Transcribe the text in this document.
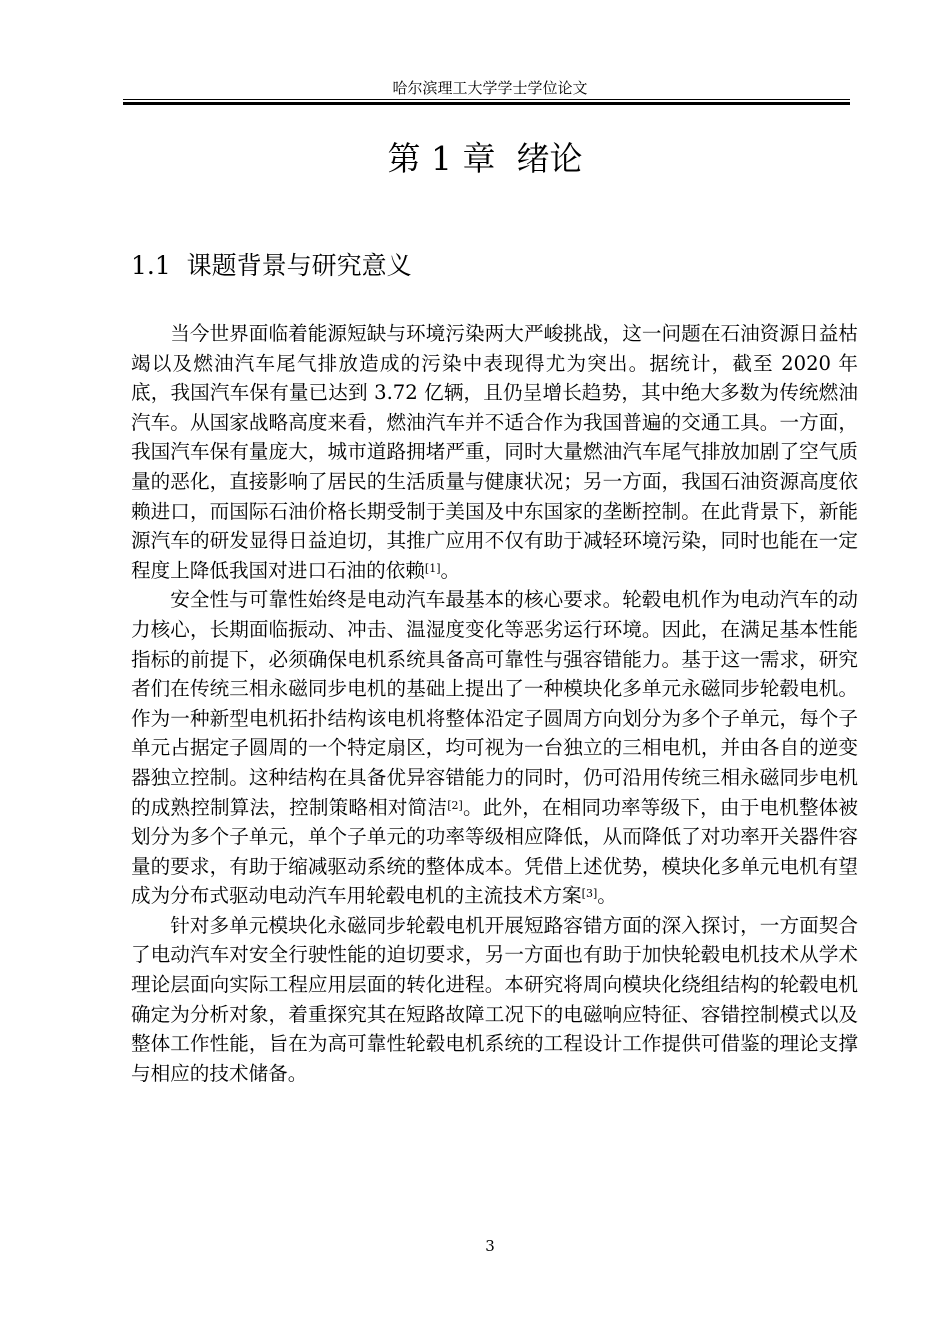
哈尔滨理工大学学士学位论文
第 1 章  绪论
1.1  课题背景与研究意义

当今世界面临着能源短缺与环境污染两大严峻挑战，这一问题在石油资源日益枯竭以及燃油汽车尾气排放造成的污染中表现得尤为突出。据统计，截至 2020 年底，我国汽车保有量已达到 3.72 亿辆，且仍呈增长趋势，其中绝大多数为传统燃油汽车。从国家战略高度来看，燃油汽车并不适合作为我国普遍的交通工具。一方面，我国汽车保有量庞大，城市道路拥堵严重，同时大量燃油汽车尾气排放加剧了空气质量的恶化，直接影响了居民的生活质量与健康状况；另一方面，我国石油资源高度依赖进口，而国际石油价格长期受制于美国及中东国家的垄断控制。在此背景下，新能源汽车的研发显得日益迫切，其推广应用不仅有助于减轻环境污染，同时也能在一定程度上降低我国对进口石油的依赖[1]。

安全性与可靠性始终是电动汽车最基本的核心要求。轮毂电机作为电动汽车的动力核心，长期面临振动、冲击、温湿度变化等恶劣运行环境。因此，在满足基本性能指标的前提下，必须确保电机系统具备高可靠性与强容错能力。基于这一需求，研究者们在传统三相永磁同步电机的基础上提出了一种模块化多单元永磁同步轮毂电机。作为一种新型电机拓扑结构该电机将整体沿定子圆周方向划分为多个子单元，每个子单元占据定子圆周的一个特定扇区，均可视为一台独立的三相电机，并由各自的逆变器独立控制。这种结构在具备优异容错能力的同时，仍可沿用传统三相永磁同步电机的成熟控制算法，控制策略相对简洁[2]。此外，在相同功率等级下，由于电机整体被划分为多个子单元，单个子单元的功率等级相应降低，从而降低了对功率开关器件容量的要求，有助于缩减驱动系统的整体成本。凭借上述优势，模块化多单元电机有望成为分布式驱动电动汽车用轮毂电机的主流技术方案[3]。

针对多单元模块化永磁同步轮毂电机开展短路容错方面的深入探讨，一方面契合了电动汽车对安全行驶性能的迫切要求，另一方面也有助于加快轮毂电机技术从学术理论层面向实际工程应用层面的转化进程。本研究将周向模块化绕组结构的轮毂电机确定为分析对象，着重探究其在短路故障工况下的电磁响应特征、容错控制模式以及整体工作性能，旨在为高可靠性轮毂电机系统的工程设计工作提供可借鉴的理论支撑与相应的技术储备。

3
